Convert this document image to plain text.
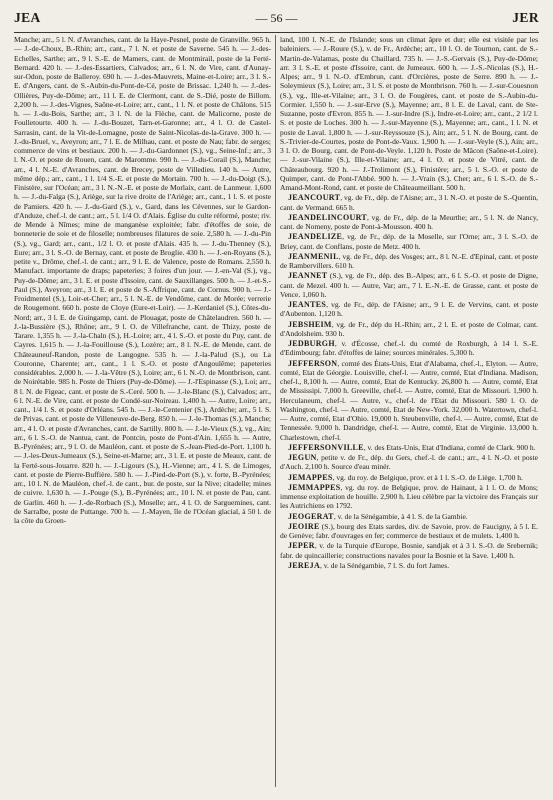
JEA	— 56 —	JER

Manche; arr., 5 l. N. d'Avranches, cant. de la Haye-Pesnel, poste de Granville. 965 h. — J.-de-Choux, B.-Rhin; arr., cant., 7 l. N. et poste de Saverne. 545 h. — J.-des-Echelles, Sarthe; arr., 9 l. S.-E. de Mamers, cant. de Montmirail, poste de la Ferté-Bernard. 420 h. — J.-des-Essartiers, Calvados; arr., 6 l. N. de Vire, cant. d'Aunay-sur-Odon, poste de Balleroy. 690 h. — J.-des-Mauvrets, Maine-et-Loire; arr., 3 l. S.-E. d'Angers, cant. de S.-Aubin-du-Pont-de-Cé, poste de Brissac. 1,240 h. — J.-des-Ollières, Puy-de-Dôme; arr., 11 l. E. de Clermont, cant. de S.-Dié, poste de Billom. 2,200 h. — J.-des-Vignes, Saône-et-Loire; arr., cant., 1 l. N. et poste de Châlons. 515 h. — J.-du-Bois, Sarthe; arr., 3 l. N. de la Flèche, cant. de Malicorne, poste de Foulletourte. 400 h. — J.-du-Bouzet, Tarn-et-Garonne; arr., 4 l. O. de Castel-Sarrasin, cant. de la Vit-de-Lomagne, poste de Saint-Nicolas-de-la-Grave. 300 h. — J.-du-Bruel, v., Aveyron; arr., 7 l. E. de Milhau, cant. et poste de Nau; fabr. de serges; commerce de vins et bestiaux. 200 h. — J.-du-Gardonnet (S.), vg., Seine-Inf.; arr., 3 l. N.-O. et poste de Rouen, cant. de Maromme. 990 h. — J.-du-Corail (S.), Manche; arr., 4 l. N.-E. d'Avranches, cant. de Brecey, poste de Villedieu. 140 h. — Autre, même dép.; arr., cant., 1 l. 1/4 S.-E. et poste de Mortain. 700 h. — J.-du-Doigt (S.), Finistère, sur l'Océan; arr., 3 l. N.-N.-E. et poste de Morlaix, cant. de Lanmeur. 1,600 h. — J.-du-Falga (S.), Ariège, sur la rive droite de l'Ariège; arr., cant., 1 l. S. et poste de Pamiers. 420 h. — J.-du-Gard (S.), v., Gard, dans les Cévennes, sur le Gardon-d'Anduze, chef.-l. de cant.; arr., 5 l. 1/4 O. d'Alais. Église du culte réformé, poste; riv. de Mende à Nîmes; mine de manganèse exploitée; fabr. d'étoffes de soie, de bonneterie de soie et de filoselle; nombreuses filatures de soie. 2,580 h. — J.-du-Pin (S.), vg., Gard; arr., cant., 1/2 l. O. et poste d'Alais. 435 h. — J.-du-Thenney (S.), Eure; arr., 3 l. S.-O. de Bernay, cant. et poste de Broglie. 430 h. — J.-en-Royans (S.), petite v., Drôme, chef.-l. de cant.; arr., 9 l. E. de Valence, poste de Romans. 2,550 h. Manufact. importante de draps; papeteries; 3 foires d'un jour. — J.-en-Val (S.), vg., Puy-de-Dôme; arr., 3 l. E. et poste d'Issoire, cant. de Sauxillanges. 500 h. — J.-et-S.-Paul (S.), Aveyron; arr., 3 l. E. et poste de S.-Affrique, cant. de Cornus. 900 h. — J.-Froidmentel (S.), Loir-et-Cher; arr., 5 l. N.-E. de Vendôme, cant. de Morée; verrerie de Rougemont. 660 h. poste de Cloye (Eure-et-Loir). — J.-Kerdaniel (S.), Côtes-du-Nord; arr., 3 l. E. de Guingamp, cant. de Plouagat, poste de Châtelaudren. 560 h. — J.-la-Bussière (S.), Rhône; arr., 9 l. O. de Villefranche, cant. de Thizy, poste de Tarare. 1,355 h. — J.-la-Chaln (S.), H.-Loire; arr., 4 l. S.-O. et poste du Puy, cant. de Cayres. 1,615 h. — J.-la-Fouillouse (S.), Lozère; arr., 8 l. N.-E. de Mende, cant. de Châteauneuf-Randon, poste de Langogne. 535 h. — J.-la-Palud (S.), ou La Couronne, Charente; arr., cant., 1 l. S.-O. et poste d'Angoulême; papeteries considérables. 2,000 h. — J.-la-Vêtre (S.), Loire; arr., 6 l. N.-O. de Montbrison, cant. de Noirétable. 985 h. Poste de Thiers (Puy-de-Dôme). — J.-l'Espinasse (S.), Loi; arr., 8 l. N. de Figeac, cant. et poste de S.-Ceré. 500 h. — J.-le-Blanc (S.), Calvados; arr., 6 l. N.-E. de Vire, cant. et poste de Condé-sur-Noireau. 1,400 h. — Autre, Loire; arr., cant., 1/4 l. S. et poste d'Orléans. 545 h. — J.-le-Centenier (S.), Ardèche; arr., 5 l. S. de Privas, cant. et poste de Villeneuve-de-Berg. 850 h. — J.-le-Thomas (S.), Manche; arr., 4 l. O. et poste d'Avranches, cant. de Sartilly. 800 h. — J.-le-Vieux (S.), vg., Ain; arr., 6 l. S.-O. de Nantua, cant. de Pontcin, poste de Pont-d'Ain. 1,655 h. — Autre, B.-Pyrénées; arr., 9 l. O. de Mauléon, cant. et poste de S.-Jean-Pied-de-Port. 1,100 h. — J.-les-Deux-Jumeaux (S.), Seine-et-Marne; arr., 3 l. E. et poste de Meaux, cant. de la Ferté-sous-Jouarre. 820 h. — J.-Ligours (S.), H.-Vienne; arr., 4 l. S. de Limoges, cant. et poste de Pierre-Buffière. 580 h. — J.-Pied-de-Port (S.), v. forte, B.-Pyrénées; arr., 10 l. N. de Mauléon, chef.-l. de cant., bur. de poste, sur la Nive; citadelle; mines de cuivre. 1,630 h. — J.-Pouge (S.), B.-Pyrénées; arr., 10 l. N. et poste de Pau, cant. de Garlin. 460 h. — J.-de-Rorbach (S.), Moselle; arr., 4 l. O. de Sarguemines, cant. de Sarralbe, poste de Puttange. 700 h. — J.-Mayen, île de l'Océan glacial, à 50 l. de la côte du Groen-

land, 100 l. N.-E. de l'Islande; sous un climat âpre et dur; elle est visitée par les baleiniers. — J.-Roure (S.), v. de Fr., Ardèche; arr., 10 l. O. de Tournon, cant. de S.-Martin-de-Valamas, poste du Chaillard. 735 h. — J.-S.-Gervais (S.), Puy-de-Dôme; arr. 3 l. S.-E. et poste d'Issoire, cant. de Jumeaux. 600 h. — J.-S.-Nicolas (S.), H.-Alpes; arr., 9 l. N.-O. d'Embrun, cant. d'Orcières, poste de Serre. 890 h. — J.-Soleymieux (S.), Loire; arr., 3 l. S. et poste de Montbrison. 760 h. — J.-sur-Couesnon (S.), vg., Ille-et-Vilaine; arr., 3 l. O. de Fougères, cant. et poste de S.-Aubin-du-Cormier. 1,550 h. — J.-sur-Erve (S.), Mayenne; arr., 8 l. E. de Laval, cant. de Ste-Suzanne, poste d'Evron. 855 h. — J.-sur-Indre (S.), Indre-et-Loire; arr., cant., 2 1/2 l. S. et poste de Loches. 300 h. — J.-sur-Mayenne (S.), Mayenne; arr., cant., 1 l. N. et poste de Laval. 1,800 h. — J.-sur-Reyssouze (S.), Ain; arr., 5 l. N. de Bourg, cant. de S.-Trivier-de-Courtes, poste de Pont-de-Vaux. 1,900 h. — J.-sur-Veyle (S.), Ain; arr., 3 l. O. de Bourg, cant. de Pont-de-Veyle. 1,120 h. Poste de Mâcon (Saône-et-Loire). — J.-sur-Vilaine (S.), Ille-et-Vilaine; arr., 4 l. O. et poste de Vitré, cant. de Châteaubourg. 920 h. — J.-Trolimont (S.), Finistère; arr., 5 l. S.-O. et poste de Quimper, cant. de Pont-l'Abbé. 900 h. — J.-Vrain (S.), Cher; arr., 6 l. S.-O. de S.-Amand-Mont-Rond, cant. et poste de Châteaumeillant. 500 h.

JEANCOURT, vg. de Fr., dép. de l'Aisne; arr., 3 l. N.-O. et poste de S.-Quentin, cant. de Vermand. 665 h.

JEANDELINCOURT, vg. de Fr., dép. de la Meurthe; arr., 5 l. N. de Nancy, cant. de Nomeny, poste de Pont-à-Mousson. 400 h.

JEANDELIZE, vg. de Fr., dép. de la Moselle, sur l'Orne; arr., 3 l. S.-O. de Briey, cant. de Conflans, poste de Metz. 400 h.

JEANMENIL, vg. de Fr., dép. des Vosges; arr., 8 l. N.-E. d'Epinal, cant. et poste de Rambervillers. 610 h.

JEANNET (S.), vg. de Fr., dép. des B.-Alpes; arr., 6 l. S.-O. et poste de Digne, cant. de Mezel. 400 h. — Autre, Var; arr., 7 l. E.-N.-E. de Grasse, cant. et poste de Vence. 1,060 h.

JEANTES, vg. de Fr., dép. de l'Aisne; arr., 9 l. E. de Vervins, cant. et poste d'Aubenton. 1,120 h.

JEBSHEIM, vg. de Fr., dép du H.-Rhin; arr., 2 l. E. et poste de Colmar, cant. d'Andolsheim. 930 h.

JEDBURGH, v. d'Écosse, chef.-l. du comté de Roxburgh, à 14 l. S.-E. d'Edimbourg; fabr. d'étoffes de laine; sources minérales. 5,300 h.

JEFFERSON, comté des États-Unis, Etat d'Alabama, chef.-l., Elyton. — Autre, comté, Etat de Géorgie. Louisville, chef-l. — Autre, comté, Etat d'Indiana. Madison, chef-l., 8,100 h. — Autre, comté, Etat de Kentucky. 26,800 h. — Autre, comté, Etat de Mississipi. 7,000 h. Greeville, chef-l. — Autre, comté, Etat de Missouri. 1,900 h. Herculaneum, chef-l. — Autre, v., chef-l. de l'Etat du Missouri. 580 l. O. de Washington, chef-l. — Autre, comté, Etat de New-York. 32,000 h. Watertown, chef-l. — Autre, comté, Etat d'Ohio. 19,000 h. Steubenville, chef-l. — Autre, comté, Etat de Tennessée. 9,000 h. Dandridge, chef-l. — Autre, comté, Etat de Virginie. 13,000 h. Charlestown, chef-l.

JEFFERSONVILLE, v. des Etats-Unis, Etat d'Indiana, comté de Clark. 900 h.

JEGUN, petite v. de Fr., dép. du Gers, chef.-l. de cant.; arr., 4 l. N.-O. et poste d'Auch. 2,100 h. Source d'eau minér.

JEMAPPES, vg. du roy. de Belgique, prov. et à 1 l. S.-O. de Liège. 1,700 h.

JEMMAPPES, vg. du roy. de Belgique, prov. de Hainaut, à 1 l. O. de Mons; immense exploitation de houille. 2,900 h. Lieu célèbre par la victoire des Français sur les Autrichiens en 1792.

JEOGERAT, v. de la Sénégambie, à 4 l. S. de la Gambie.

JEOIRE (S.), bourg des Etats sardes, div. de Savoie, prov. de Faucigny, à 5 l. E. de Genève; fabr. d'ouvrages en fer; commerce de bestiaux et de mulets. 1,400 h.

JEPER, v. de la Turquie d'Europe, Bosnie, sandjak et à 3 l. S.-O. de Srebernik; fabr. de quincaillerie; constructions navales pour la Bosnie et la Save. 1,400 h.

JEREJA, v. de la Sénégambie, 7 l. S. du fort James.
